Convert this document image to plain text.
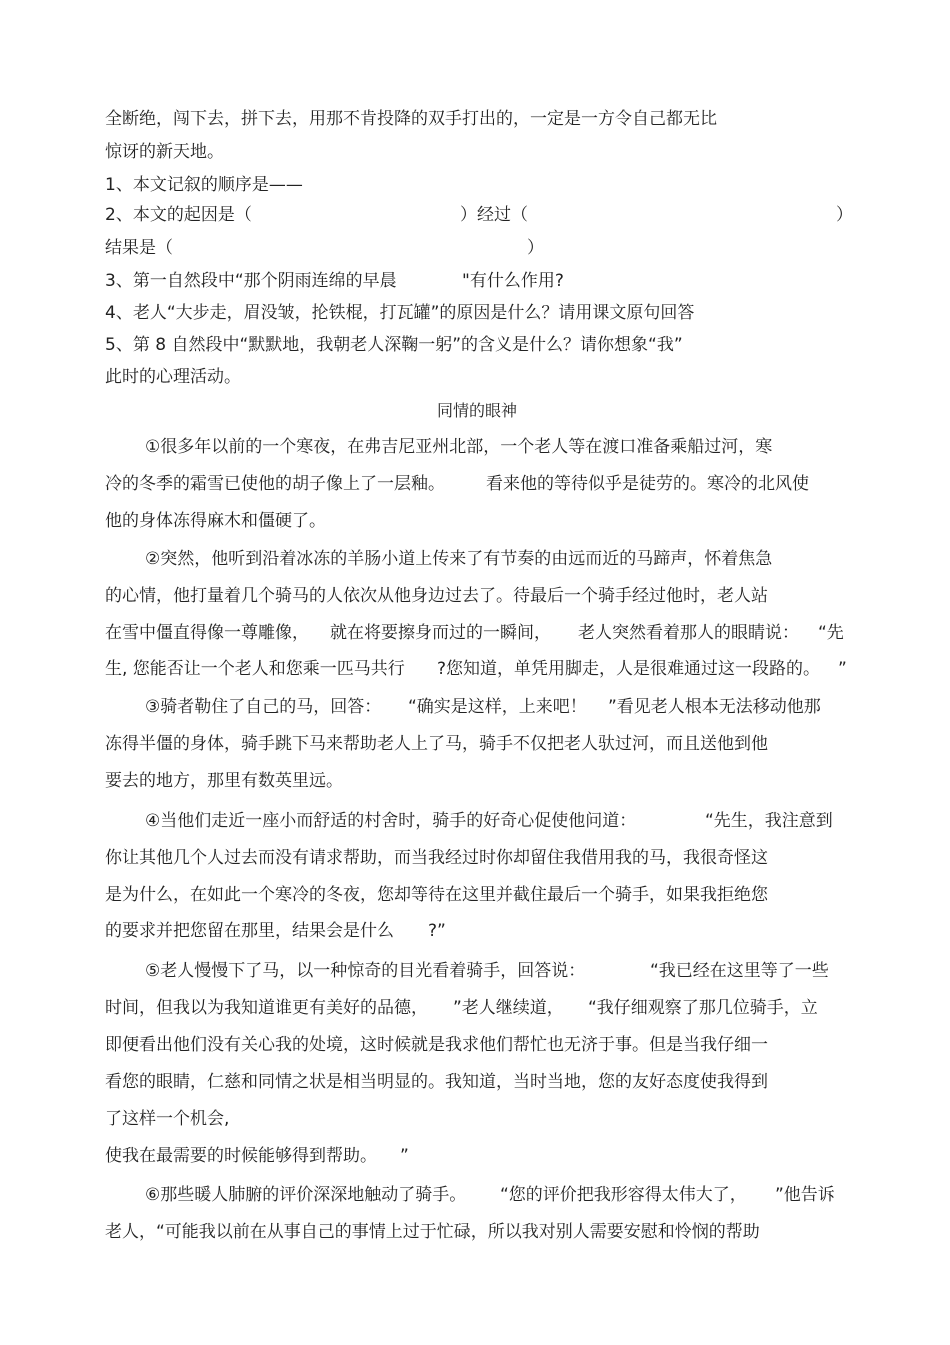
全断绝，闯下去，拼下去，用那不肯投降的双手打出的，一定是一方令自己都无比
惊讶的新天地。
1、本文记叙的顺序是——
2、本文的起因是（	）经过（	）
结果是（	）
3、第一自然段中“那个阴雨连绵的早晨	"有什么作用?
4、老人“大步走，眉没皱，抡铁棍，打瓦罐”的原因是什么？请用课文原句回答
5、第 8 自然段中“默默地，我朝老人深鞠一躬”的含义是什么？请你想象“我”
此时的心理活动。
同情的眼神
①很多年以前的一个寒夜，在弗吉尼亚州北部，一个老人等在渡口准备乘船过河，寒
冷的冬季的霜雪已使他的胡子像上了一层釉。 看来他的等待似乎是徒劳的。寒冷的北风使
他的身体冻得麻木和僵硬了。
②突然，他听到沿着冰冻的羊肠小道上传来了有节奏的由远而近的马蹄声，怀着焦急
的心情，他打量着几个骑马的人依次从他身边过去了。待最后一个骑手经过他时，老人站
在雪中僵直得像一尊雕像， 就在将要擦身而过的一瞬间， 老人突然看着那人的眼睛说： “先
生, 您能否让一个老人和您乘一匹马共行 ?您知道，单凭用脚走，人是很难通过这一段路的。 ”
③骑者勒住了自己的马，回答： “确实是这样，上来吧！ ”看见老人根本无法移动他那
冻得半僵的身体，骑手跳下马来帮助老人上了马，骑手不仅把老人驮过河，而且送他到他
要去的地方，那里有数英里远。
④当他们走近一座小而舒适的村舍时，骑手的好奇心促使他问道：	“先生，我注意到
你让其他几个人过去而没有请求帮助，而当我经过时你却留住我借用我的马，我很奇怪这
是为什么，在如此一个寒冷的冬夜，您却等待在这里并截住最后一个骑手，如果我拒绝您
的要求并把您留在那里，结果会是什么 ?”
⑤老人慢慢下了马，以一种惊奇的目光看着骑手，回答说：	“我已经在这里等了一些
时间，但我以为我知道谁更有美好的品德， ”老人继续道， “我仔细观察了那几位骑手，立
即便看出他们没有关心我的处境，这时候就是我求他们帮忙也无济于事。但是当我仔细一
看您的眼睛，仁慈和同情之状是相当明显的。我知道，当时当地，您的友好态度使我得到
了这样一个机会,
使我在最需要的时候能够得到帮助。 ”
⑥那些暖人肺腑的评价深深地触动了骑手。 “您的评价把我形容得太伟大了， ”他告诉
老人，“可能我以前在从事自己的事情上过于忙碌，所以我对别人需要安慰和怜悯的帮助
